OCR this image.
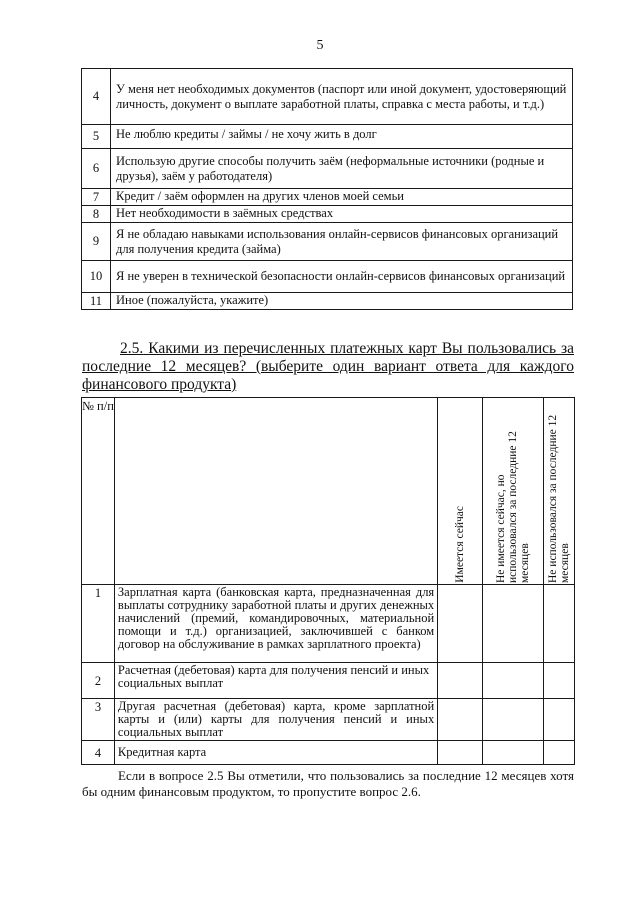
5
4	У меня нет необходимых документов (паспорт или иной документ, удостоверяющий личность, документ о выплате заработной платы, справка с места работы, и т.д.)
5	Не люблю кредиты / займы / не хочу жить в долг
6	Использую другие способы получить заём (неформальные источники (родные и друзья), заём у работодателя)
7	Кредит / заём оформлен на других членов моей семьи
8	Нет необходимости в заёмных средствах
9	Я не обладаю навыками использования онлайн-сервисов финансовых организаций для получения кредита (займа)
10	Я не уверен в технической безопасности онлайн-сервисов финансовых организаций
11	Иное (пожалуйста, укажите)
2.5. Какими из перечисленных платежных карт Вы пользовались за последние 12 месяцев? (выберите один вариант ответа для каждого финансового продукта)
№ п/п		Имеется сейчас	Не имеется сейчас, но использовался за последние 12 месяцев	Не использовался за последние 12 месяцев

1	Зарплатная карта (банковская карта, предназначенная для выплаты сотруднику заработной платы и других денежных начислений (премий, командировочных, материальной помощи и т.д.) организацией, заключившей с банком договор на обслуживание в рамках зарплатного проекта)			
2	Расчетная (дебетовая) карта для получения пенсий и иных социальных выплат			
3	Другая расчетная (дебетовая) карта, кроме зарплатной карты и (или) карты для получения пенсий и иных социальных выплат			
4	Кредитная карта			
Если в вопросе 2.5 Вы отметили, что пользовались за последние 12 месяцев хотя бы одним финансовым продуктом, то пропустите вопрос 2.6.
